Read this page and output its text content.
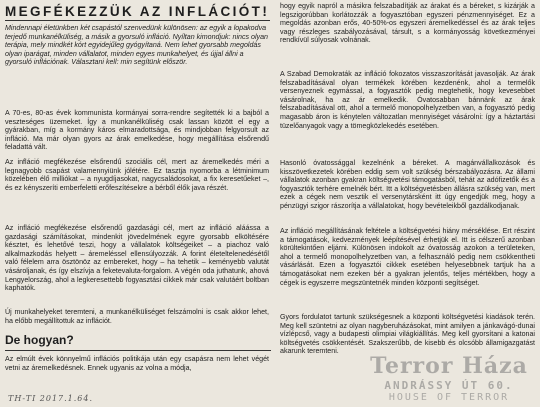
MEGFÉKEZZÜK AZ INFLÁCIÓT!

Mindennapi életünkben két csapástól szenvedünk különösen: az egyik a lopakodva terjedő munkanélküliség, a másik a gyorsuló infláció. Nyíltan kimondjuk: nincs olyan terápia, mely mindkét kórt egyidejűleg gyógyítaná. Nem lehet gyorsabb megoldás olyan iparágat, minden vállalatot, minden egyes munkahelyet, és újjal állni a gyorsuló inflációnak. Választani kell: min segítünk először.

A 70-es, 80-as évek kommunista kormányai sorra-rendre segítették ki a bajból a veszteséges üzemeket. Így a munkanélküliség csak lassan között el egy a gyárakban, míg a kormány káros elmaradottsága, és mindjobban felgyorsult az infláció. Ma már olyan gyors az árak emelkedése, hogy megállítása elsőrendű feladattá vált.

Az infláció megfékezése elsőrendű szociális cél, mert az áremelkedés méri a legnagyobb csapást valamennyiünk jólétére. Ez tasztja nyomorba a létminimum közelében élő milliókat – a nyugdíjasokat, nagycsaládosokat, a fix keresetűeket –, és ez kényszeríti emberfeletti erőfeszítésekre a bérből élők java részét.

Az infláció megfékezése elsőrendű gazdasági cél, mert az infláció aláássa a gazdasági számításokat, mindenkit jövedelmének egyre gyorsabb elköltésére késztet, és lehetővé teszi, hogy a vállalatok költségeiket – a piachoz való alkalmazkodás helyett – áremeléssel ellensúlyozzák. A forint életeltelenedésétől való félelem arra ösztönöz az embereket, hogy – ha tehetik – keményebb valutát vásároljanak, és így elszívja a feketevaluta-forgalom. A végén oda juthatunk, ahová Lengyelország, ahol a legkeresettebb fogyasztási cikkek már csak valutáért boltban kaphatók.

Új munkahelyeket teremteni, a munkanélküliséget felszámolni is csak akkor lehet, ha előbb megállítottuk az inflációt.

De hogyan?

Az elmúlt évek könnyelmű inflációs politikája után egy csapásra nem lehet végét vetni az áremelkedésnek. Ennek ugyanis az volna a módja,

hogy egyik napról a másikra felszabadítják az árakat és a béreket, s kizárják a legszigorúbban korlátozzák a fogyasztóban egyszeri pénzmennyiséget. Ez a megoldás azonban erős, 40-50%-os egyszeri áremelkedéssel és az árak teljes vagy részleges szabályozásával, társult, s a kormányosság következményei rendkívül súlyosak volnának.

A Szabad Demokraták az infláció fokozatos visszaszorítását javasolják. Az árak felszabadításával olyan termékek körében kezdenénk, ahol a termelők versenyeznek egymással, a fogyasztók pedig megtehetik, hogy kevesebbet vásárolnak, ha az ár emelkedik. Óvatosabban bánnánk az árak felszabadításával ott, ahol a termelő monopolhelyzetben van, a fogyasztó pedig magasabb áron is kénytelen változatlan mennyiséget vásárolni: így a háztartási tüzelőanyagok vagy a tömegközlekedés esetében.

Hasonló óvatossággal kezelnénk a béreket. A magánvállalkozások és kisszövetkezetek körében eddig sem volt szükség bérszabályozásra. Az állami vállalatok azonban gyakran költségvetési támogatásból, tehát az adófizetők és a fogyasztók terhére emelnék bért. Itt a költségvetésben állásra szükség van, mert ezek a cégek nem vesztik el versenytársként itt úgy engedjük meg, hogy a pénzügyi szigor rászorítja a vállalatokat, hogy bevételeikből gazdálkodjanak.

Az infláció megállításának feltétele a költségvetési hiány mérséklése. Ert részint a támogatások, kedvezmények leépítésével érhetjük el. Itt is célszerű azonban körültekintően eljárni. Különösen indokolt az óvatosság azokon a területeken, ahol a termelő monopolhelyzetben van, a felhasználó pedig nem csökkentheti vásárlását. Ezen a fogyasztói cikkek esetében helyesebbnek tartjuk ha a támogatásokat nem ezeken bér a gyakran jelentős, teljes mértékben, hogy a cégek is egyszerre megszüntetnék minden központi segítséget.

Gyors fordulatot tartunk szükségesnek a központi költségvetési kiadások terén. Meg kell szüntetni az olyan nagyberuházásokat, mint amilyen a jánkavágó-dunai vízlépcső, vagy a budapesti olimpiai világkiállítás. Meg kell gyorsítani a katonai költségvetés csökkentését. Szakszerűbb, de kisebb és olcsóbb államigazgatást akarunk teremteni.

TH-TI 2017.1.64.
Terror Háza
ANDRÁSSY ÚT 60.
HOUSE OF TERROR
